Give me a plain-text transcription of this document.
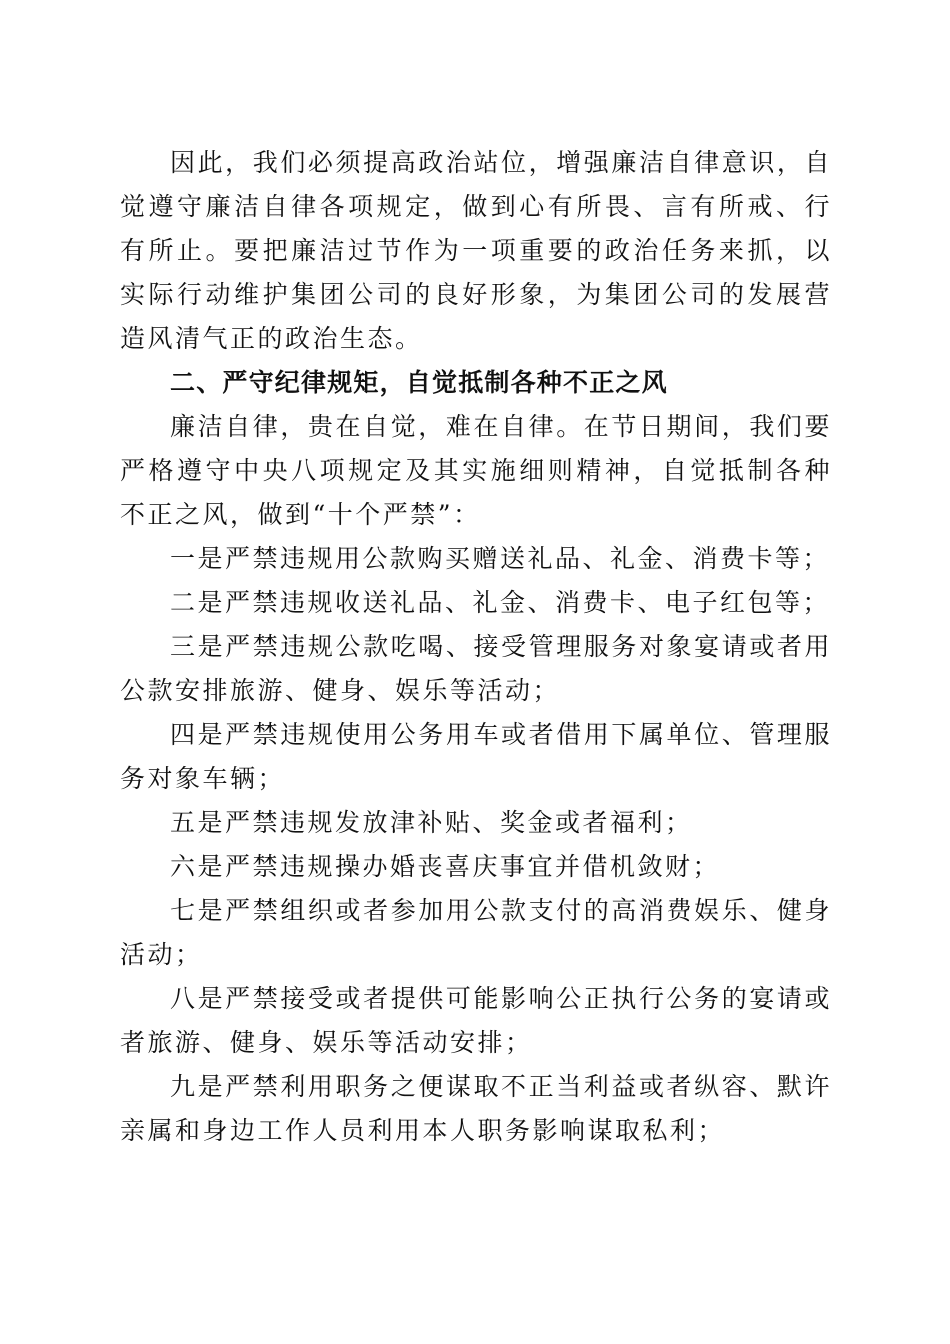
因此，我们必须提高政治站位，增强廉洁自律意识，自觉遵守廉洁自律各项规定，做到心有所畏、言有所戒、行有所止。要把廉洁过节作为一项重要的政治任务来抓，以实际行动维护集团公司的良好形象，为集团公司的发展营造风清气正的政治生态。

二、严守纪律规矩，自觉抵制各种不正之风

廉洁自律，贵在自觉，难在自律。在节日期间，我们要严格遵守中央八项规定及其实施细则精神，自觉抵制各种不正之风，做到“十个严禁”：

一是严禁违规用公款购买赠送礼品、礼金、消费卡等；

二是严禁违规收送礼品、礼金、消费卡、电子红包等；

三是严禁违规公款吃喝、接受管理服务对象宴请或者用公款安排旅游、健身、娱乐等活动；

四是严禁违规使用公务用车或者借用下属单位、管理服务对象车辆；

五是严禁违规发放津补贴、奖金或者福利；

六是严禁违规操办婚丧喜庆事宜并借机敛财；

七是严禁组织或者参加用公款支付的高消费娱乐、健身活动；

八是严禁接受或者提供可能影响公正执行公务的宴请或者旅游、健身、娱乐等活动安排；

九是严禁利用职务之便谋取不正当利益或者纵容、默许亲属和身边工作人员利用本人职务影响谋取私利；
